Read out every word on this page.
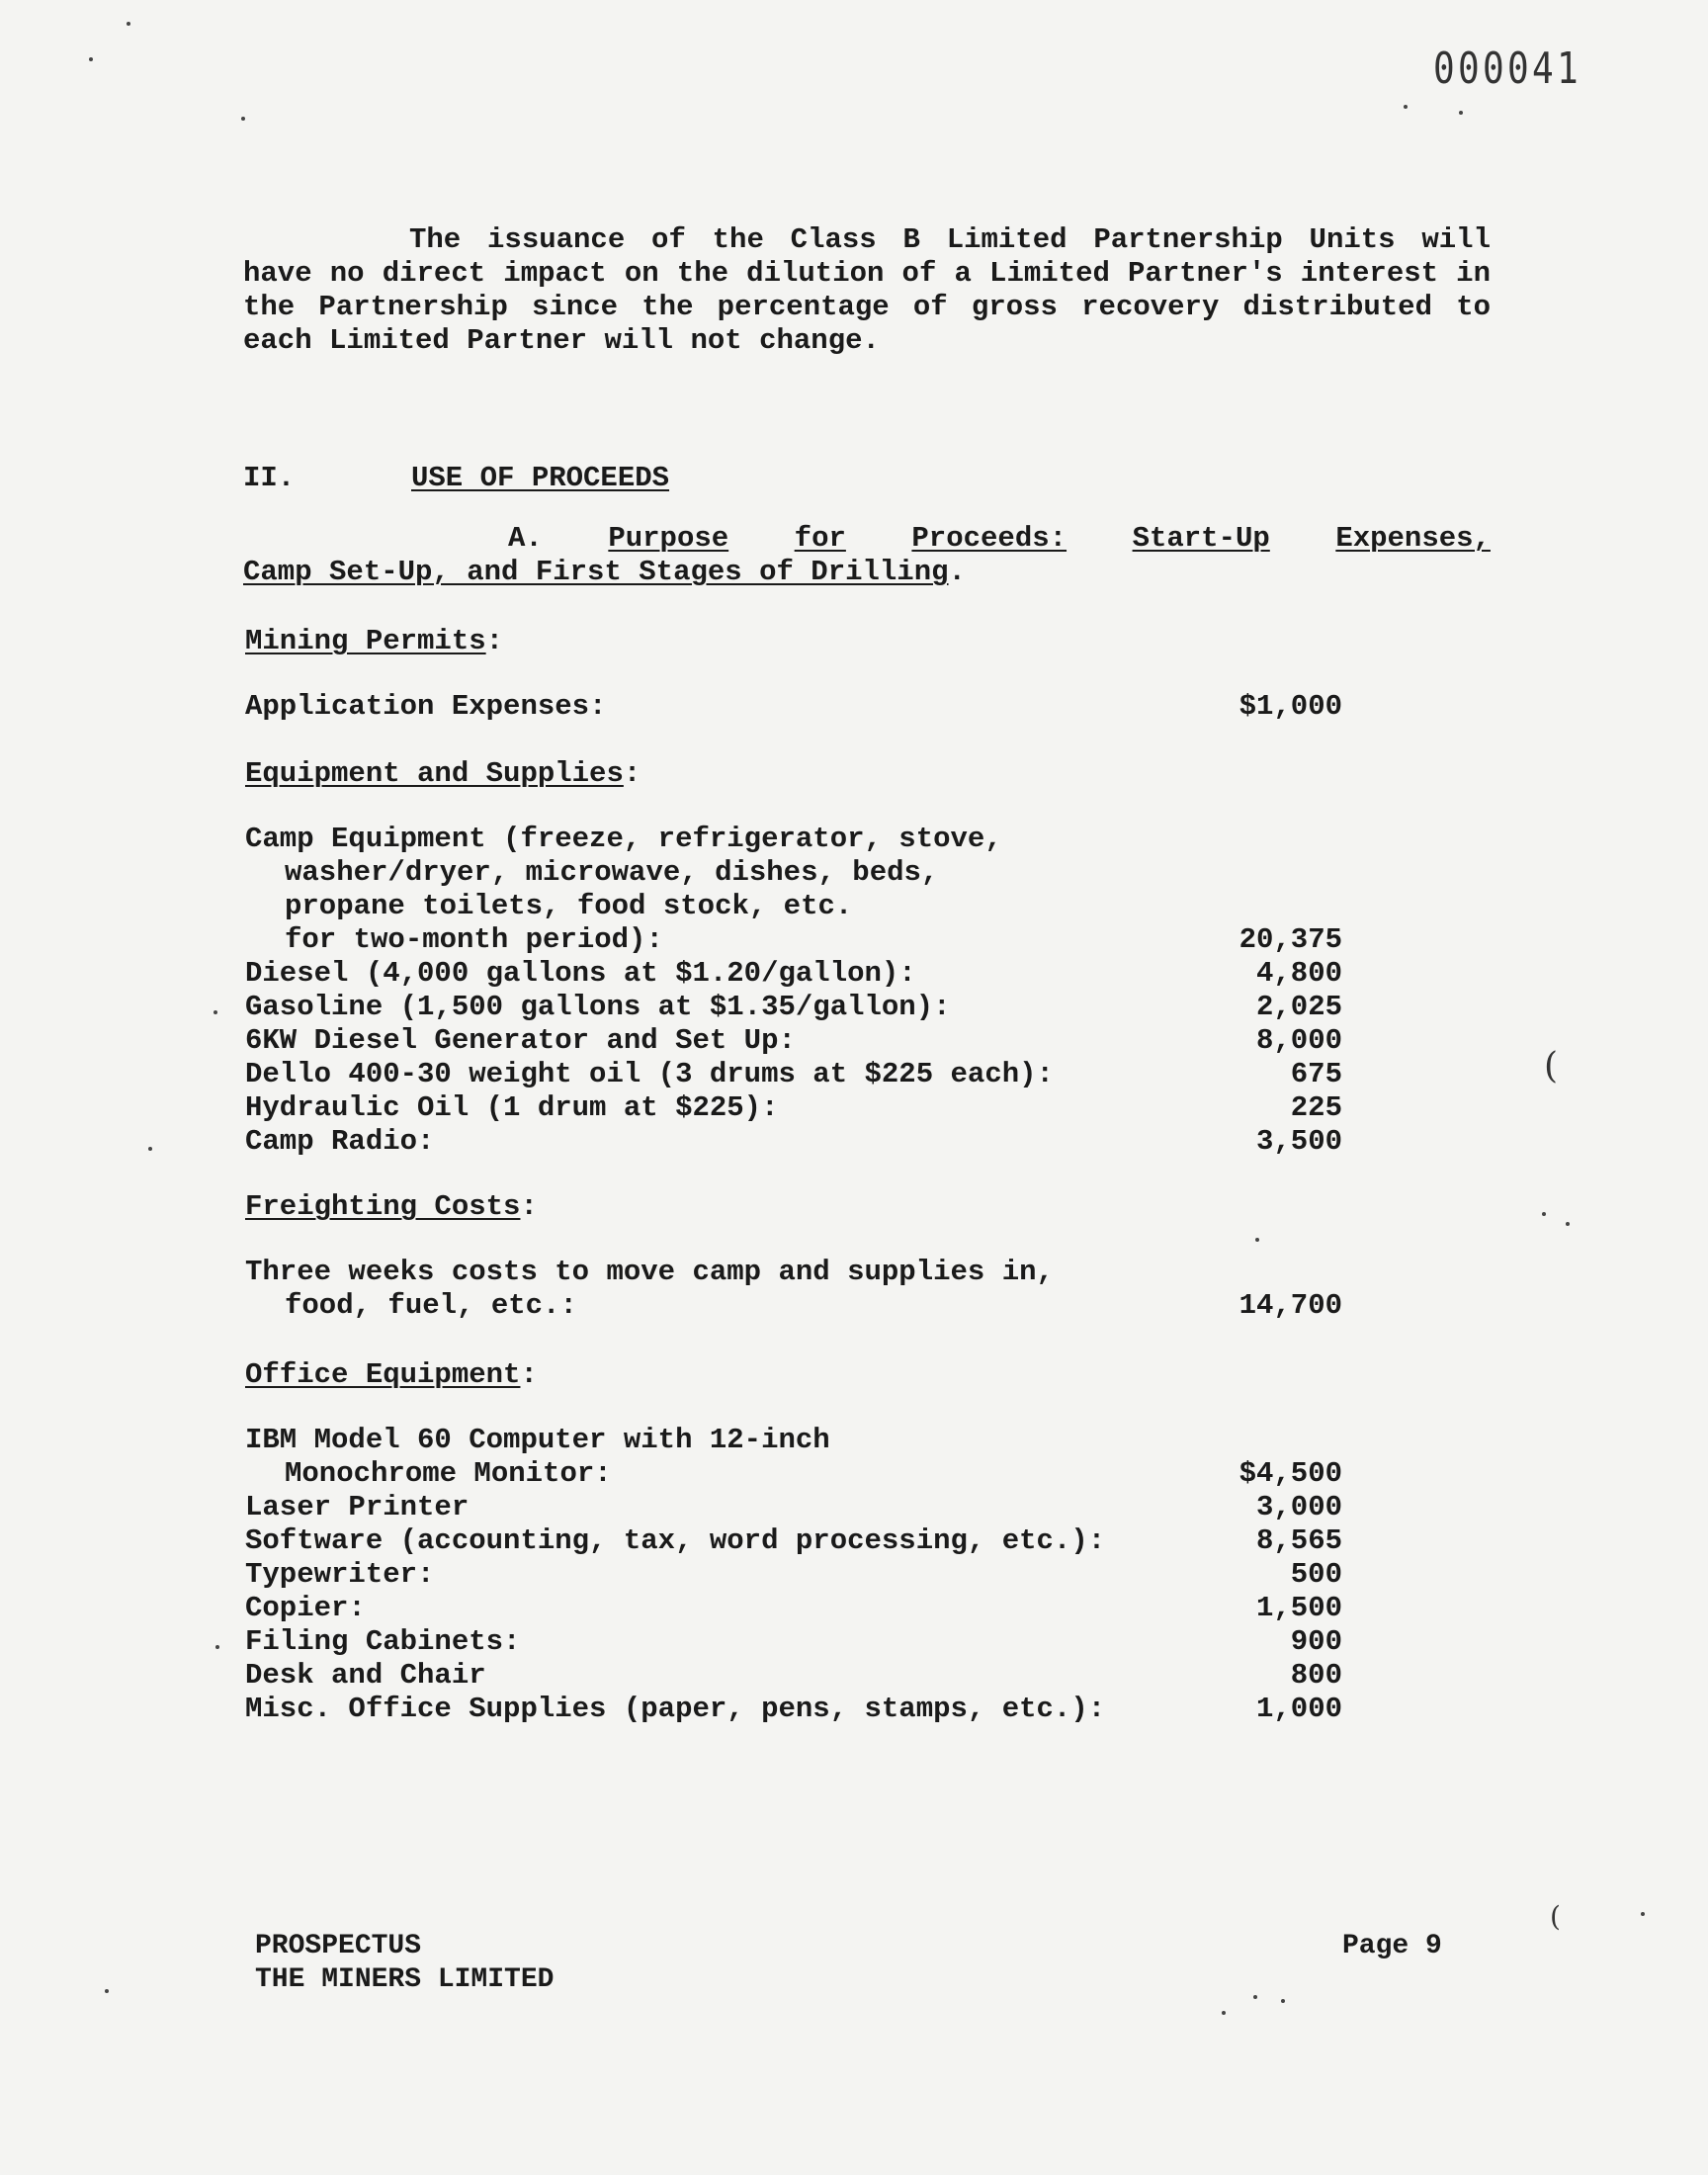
000041
The issuance of the Class B Limited Partnership Units will have no direct impact on the dilution of a Limited Partner's interest in the Partnership since the percentage of gross recovery distributed to each Limited Partner will not change.
II.	USE OF PROCEEDS
A. Purpose for Proceeds: Start-Up Expenses,
Camp Set-Up, and First Stages of Drilling.
Mining Permits:
Application Expenses:	$1,000
Equipment and Supplies:
Camp Equipment (freeze, refrigerator, stove,
washer/dryer, microwave, dishes, beds,
propane toilets, food stock, etc.
for two-month period):	20,375
Diesel (4,000 gallons at $1.20/gallon):	4,800
Gasoline (1,500 gallons at $1.35/gallon):	2,025
6KW Diesel Generator and Set Up:	8,000
Dello 400-30 weight oil (3 drums at $225 each):	675
Hydraulic Oil (1 drum at $225):	225
Camp Radio:	3,500
Freighting Costs:
Three weeks costs to move camp and supplies in,
food, fuel, etc.:	14,700
Office Equipment:
IBM Model 60 Computer with 12-inch
Monochrome Monitor:	$4,500
Laser Printer	3,000
Software (accounting, tax, word processing, etc.):	8,565
Typewriter:	500
Copier:	1,500
Filing Cabinets:	900
Desk and Chair	800
Misc. Office Supplies (paper, pens, stamps, etc.):	1,000
PROSPECTUS
THE MINERS LIMITED
Page 9
(
(
